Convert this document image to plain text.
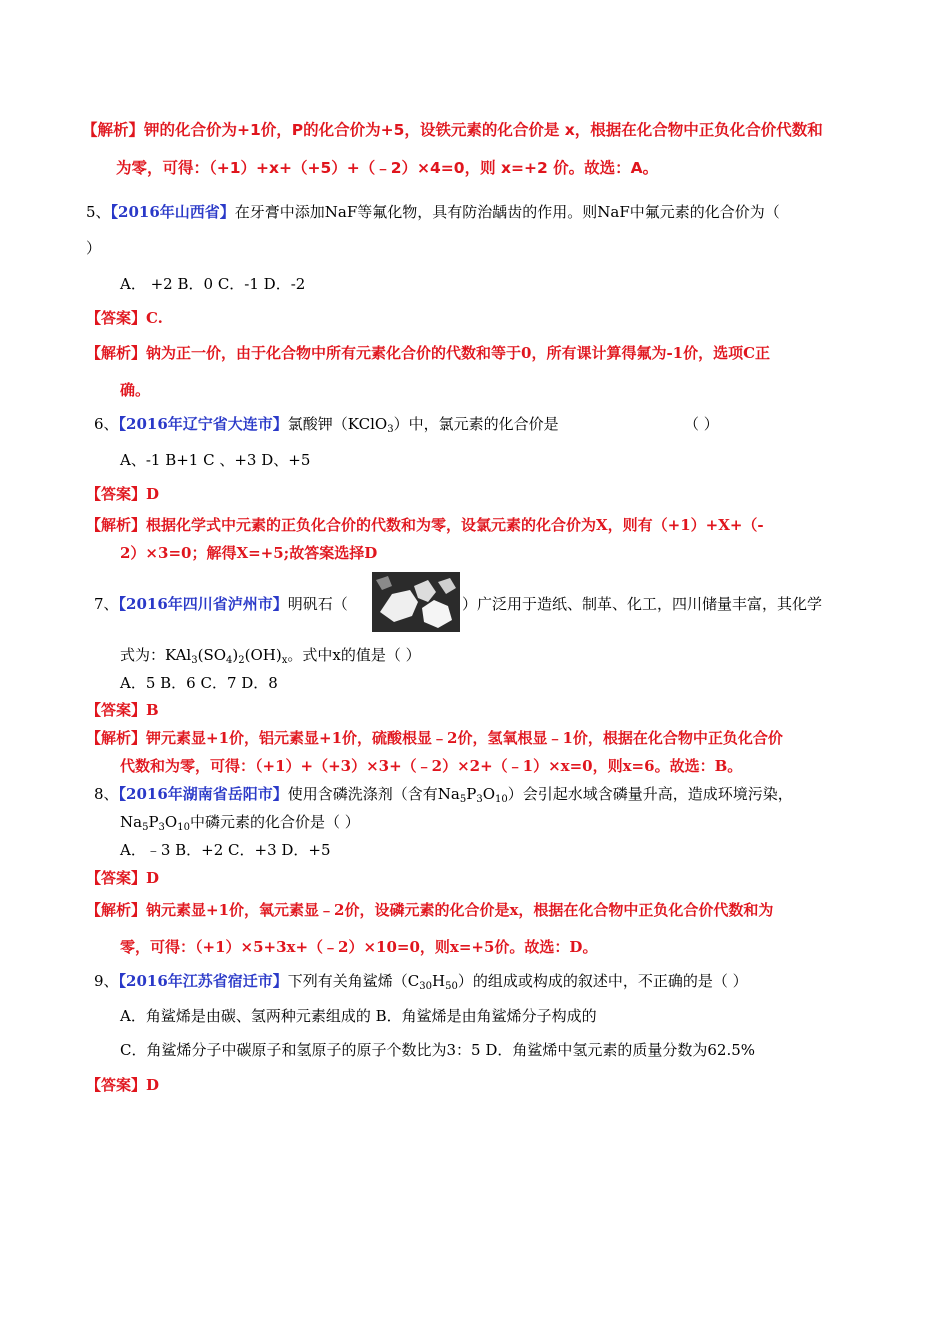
【解析】钾的化合价为+1价，P的化合价为+5，设铁元素的化合价是 x，根据在化合物中正负化合价代数和
为零，可得：（+1）+x+（+5）+（﹣2）×4=0，则 x=+2 价。故选：A。
5、【2016年山西省】在牙膏中添加NaF等氟化物，具有防治龋齿的作用。则NaF中氟元素的化合价为（
）
A． +2 B．0 C．-1 D．-2
【答案】C.
【解析】钠为正一价，由于化合物中所有元素化合价的代数和等于0，所有课计算得氟为-1价，选项C正
确。
6、【2016年辽宁省大连市】氯酸钾（KClO$_3$）中，氯元素的化合价是	（ ）
A、-1 B+1 C 、+3 D、+5
【答案】D
【解析】根据化学式中元素的正负化合价的代数和为零，设氯元素的化合价为X，则有（+1）+X+（-
2）×3=0；解得X=+5;故答案选择D
7、【2016年四川省泸州市】明矾石（	）广泛用于造纸、制革、化工，四川储量丰富，其化学
式为：$KAl_3(SO_4)_2(OH)_x$。式中x的值是（ ）
A．5 B．6 C．7 D．8
【答案】B
【解析】钾元素显+1价，铝元素显+1价，硫酸根显﹣2价，氢氧根显﹣1价，根据在化合物中正负化合价
代数和为零，可得：（+1）+（+3）×3+（﹣2）×2+（﹣1）×x=0，则x=6。故选：B。
8、【2016年湖南省岳阳市】使用含磷洗涤剂（含有$Na_5P_3O_{10}$）会引起水域含磷量升高，造成环境污染，
$Na_5P_3O_{10}$中磷元素的化合价是（ ）
A．﹣3 B．+2 C．+3 D．+5
【答案】D
【解析】钠元素显+1价，氧元素显﹣2价，设磷元素的化合价是x，根据在化合物中正负化合价代数和为
零，可得：（+1）×5+3x+（﹣2）×10=0，则x=+5价。故选：D。
9、【2016年江苏省宿迁市】下列有关角鲨烯$(C_{30}H_{50})$的组成或构成的叙述中，不正确的是（ ）
A．角鲨烯是由碳、氢两种元素组成的 B．角鲨烯是由角鲨烯分子构成的
C．角鲨烯分子中碳原子和氢原子的原子个数比为3：5 D．角鲨烯中氢元素的质量分数为62.5%
【答案】D
